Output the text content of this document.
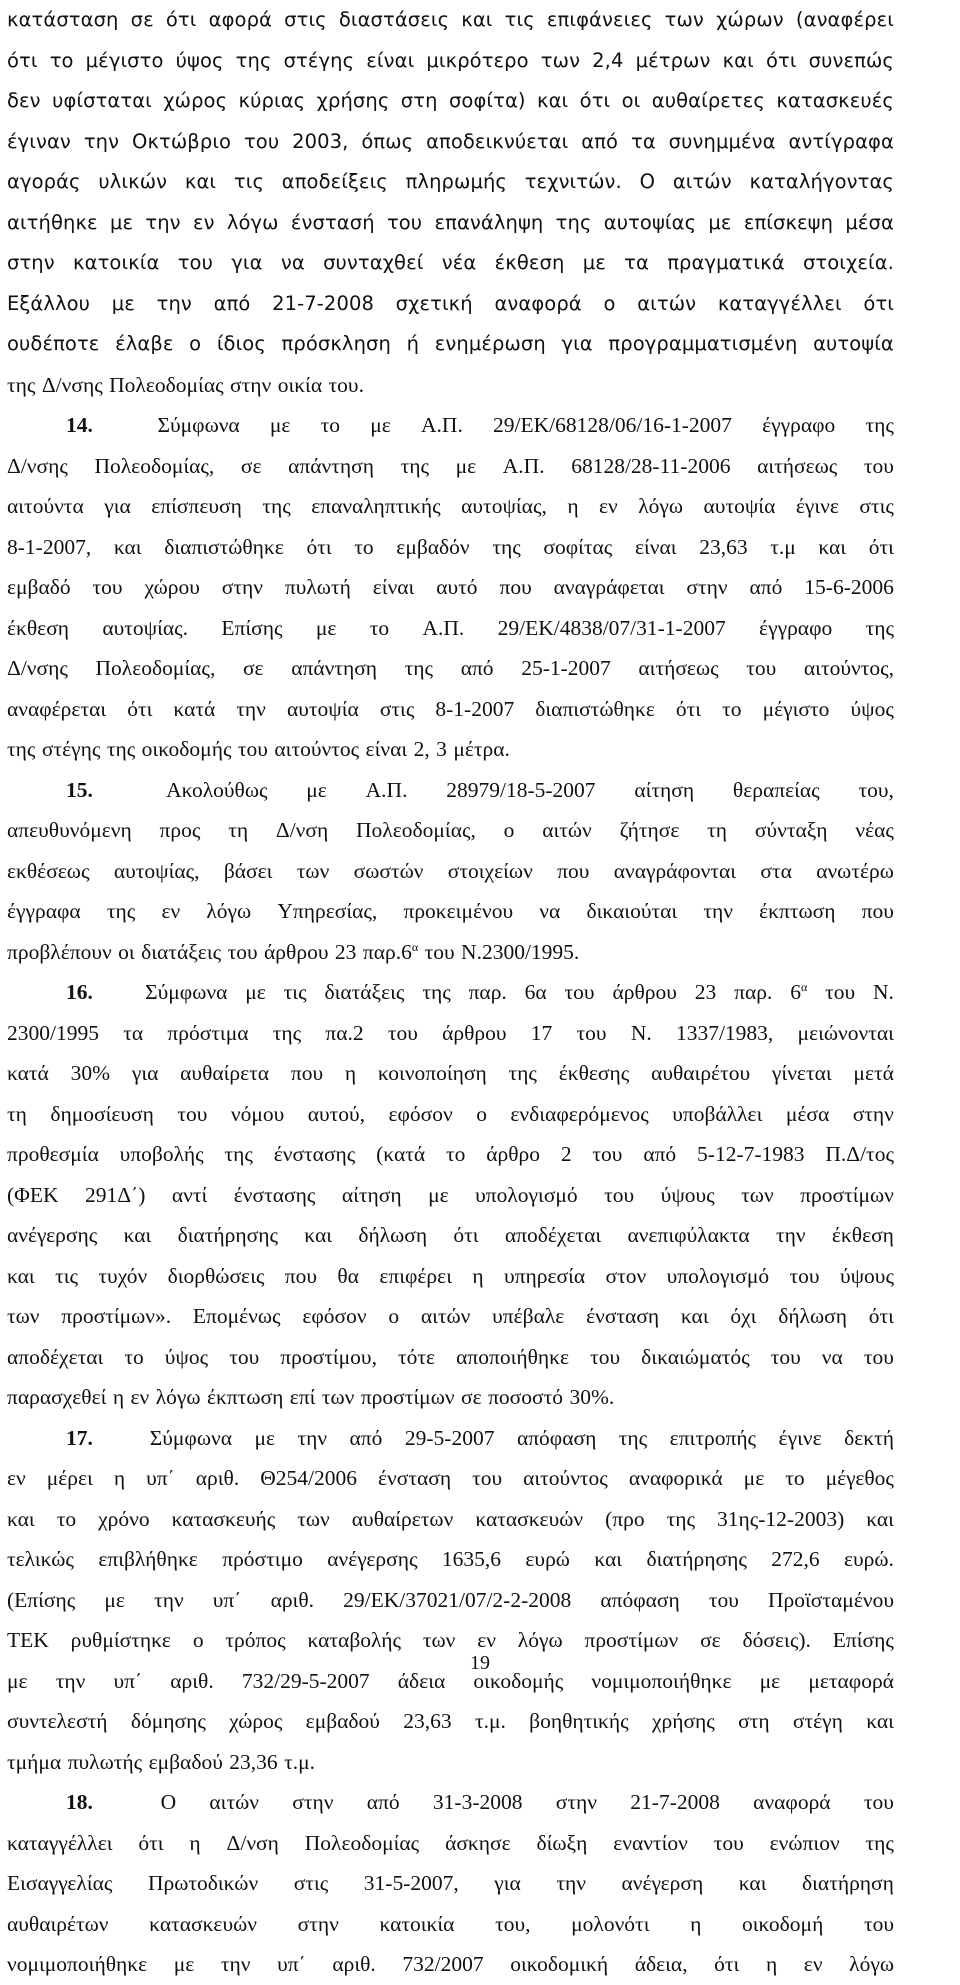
κατάσταση σε ότι αφορά στις διαστάσεις και τις επιφάνειες των χώρων (αναφέρει
ότι το μέγιστο ύψος της στέγης είναι μικρότερο των 2,4 μέτρων και ότι συνεπώς
δεν υφίσταται χώρος κύριας χρήσης στη σοφίτα) και ότι οι αυθαίρετες κατασκευές
έγιναν την Οκτώβριο του 2003, όπως αποδεικνύεται από τα συνημμένα αντίγραφα
αγοράς υλικών και τις αποδείξεις πληρωμής τεχνιτών. Ο αιτών καταλήγοντας
αιτήθηκε με την εν λόγω ένστασή του επανάληψη της αυτοψίας με επίσκεψη μέσα
στην κατοικία του για να συνταχθεί νέα έκθεση με τα πραγματικά στοιχεία.
Εξάλλου με την από 21-7-2008 σχετική αναφορά ο αιτών καταγγέλλει ότι
ουδέποτε έλαβε ο ίδιος πρόσκληση ή ενημέρωση για προγραμματισμένη αυτοψία
της Δ/νσης Πολεοδομίας στην οικία του.
14.	Σύμφωνα με το με Α.Π. 29/ΕΚ/68128/06/16-1-2007 έγγραφο της
Δ/νσης Πολεοδομίας, σε απάντηση της με Α.Π. 68128/28-11-2006 αιτήσεως του
αιτούντα για επίσπευση της επαναληπτικής αυτοψίας, η εν λόγω αυτοψία έγινε στις
8-1-2007, και διαπιστώθηκε ότι το εμβαδόν της σοφίτας είναι 23,63 τ.μ και ότι
εμβαδό του χώρου στην πυλωτή είναι αυτό που αναγράφεται στην από 15-6-2006
έκθεση αυτοψίας. Επίσης με το Α.Π. 29/ΕΚ/4838/07/31-1-2007 έγγραφο της
Δ/νσης Πολεοδομίας, σε απάντηση της από 25-1-2007 αιτήσεως του αιτούντος,
αναφέρεται ότι κατά την αυτοψία στις 8-1-2007 διαπιστώθηκε ότι το μέγιστο ύψος
της στέγης της οικοδομής του αιτούντος είναι 2, 3 μέτρα.
15.	Ακολούθως με Α.Π. 28979/18-5-2007 αίτηση θεραπείας του,
απευθυνόμενη προς τη Δ/νση Πολεοδομίας, ο αιτών ζήτησε τη σύνταξη νέας
εκθέσεως αυτοψίας, βάσει των σωστών στοιχείων που αναγράφονται στα ανωτέρω
έγγραφα της εν λόγω Υπηρεσίας, προκειμένου να δικαιούται την έκπτωση που
προβλέπουν οι διατάξεις του άρθρου 23 $\pi\alpha\rho.6^\alpha$ του Ν.2300/1995.
16. Σύμφωνα με τις διατάξεις της παρ. 6α του άρθρου 23 παρ. $6^\alpha$ του Ν.
2300/1995 τα πρόστιμα της πα.2 του άρθρου 17 του Ν. 1337/1983, μειώνονται
κατά 30% για αυθαίρετα που η κοινοποίηση της έκθεσης αυθαιρέτου γίνεται μετά
τη δημοσίευση του νόμου αυτού, εφόσον ο ενδιαφερόμενος υποβάλλει μέσα στην
προθεσμία υποβολής της ένστασης (κατά το άρθρο 2 του από 5-12-7-1983 Π.Δ/τος
(ΦΕΚ 291Δ΄) αντί ένστασης αίτηση με υπολογισμό του ύψους των προστίμων
ανέγερσης και διατήρησης και δήλωση ότι αποδέχεται ανεπιφύλακτα την έκθεση
και τις τυχόν διορθώσεις που θα επιφέρει η υπηρεσία στον υπολογισμό του ύψους
των προστίμων». Επομένως εφόσον ο αιτών υπέβαλε ένσταση και όχι δήλωση ότι
αποδέχεται το ύψος του προστίμου, τότε αποποιήθηκε του δικαιώματός του να του
παρασχεθεί η εν λόγω έκπτωση επί των προστίμων σε ποσοστό 30%.
17.	Σύμφωνα με την από 29-5-2007 απόφαση της επιτροπής έγινε δεκτή
εν μέρει η υπ΄ αριθ. Θ254/2006 ένσταση του αιτούντος αναφορικά με το μέγεθος
και το χρόνο κατασκευής των αυθαίρετων κατασκευών (προ της 31ης-12-2003) και
τελικώς επιβλήθηκε πρόστιμο ανέγερσης 1635,6 ευρώ και διατήρησης 272,6 ευρώ.
(Επίσης με την υπ΄ αριθ. 29/ΕΚ/37021/07/2-2-2008 απόφαση του Προϊσταμένου
ΤΕΚ ρυθμίστηκε ο τρόπος καταβολής των εν λόγω προστίμων σε δόσεις). Επίσης
με την υπ΄ αριθ. 732/29-5-2007 άδεια οικοδομής νομιμοποιήθηκε με μεταφορά
συντελεστή δόμησης χώρος εμβαδού 23,63 τ.μ. βοηθητικής χρήσης στη στέγη και
τμήμα πυλωτής εμβαδού 23,36 τ.μ.
18.	Ο αιτών στην από 31-3-2008 στην 21-7-2008 αναφορά του
καταγγέλλει ότι η Δ/νση Πολεοδομίας άσκησε δίωξη εναντίον του ενώπιον της
Εισαγγελίας Πρωτοδικών στις 31-5-2007, για την ανέγερση και διατήρηση
αυθαιρέτων κατασκευών στην κατοικία του, μολονότι η οικοδομή του
νομιμοποιήθηκε με την υπ΄ αριθ. 732/2007 οικοδομική άδεια, ότι η εν λόγω
19
